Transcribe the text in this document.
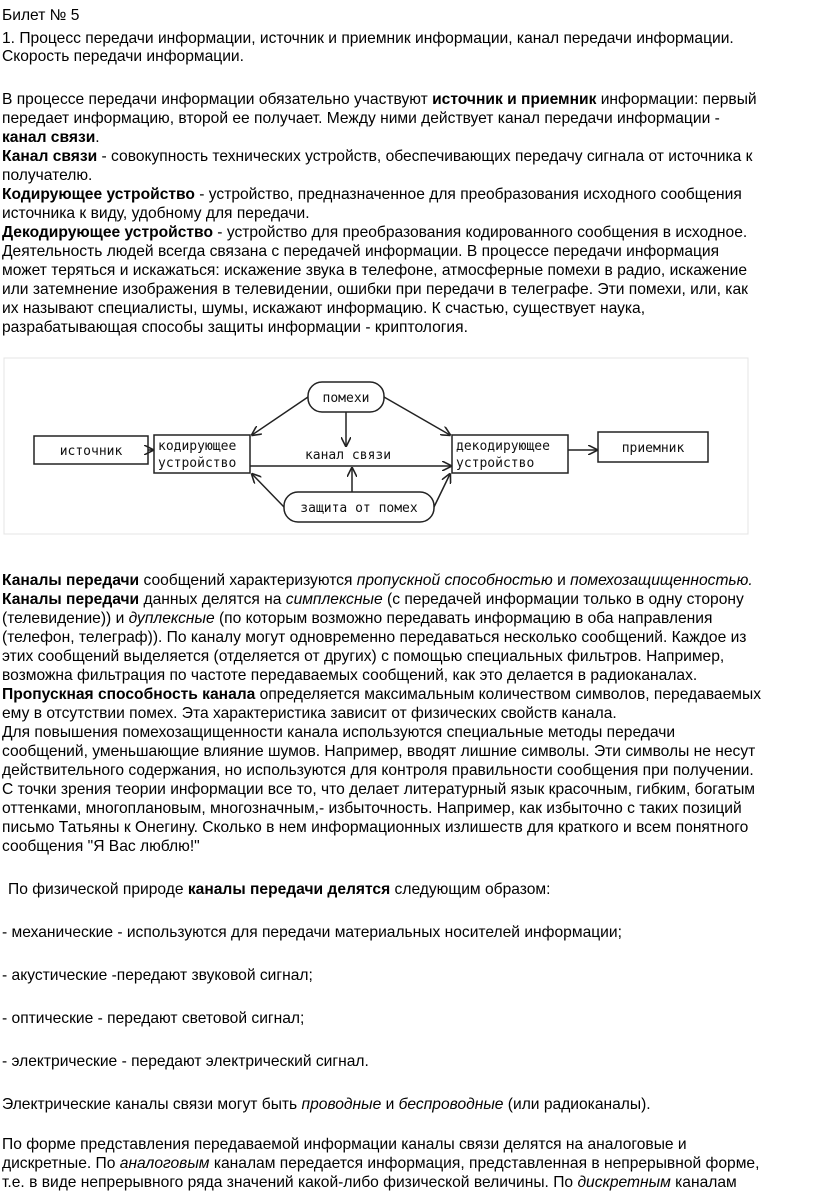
Билет № 5
1. Процесс передачи информации, источник и приемник информации, канал передачи информации.
Скорость передачи информации.
В процессе передачи информации обязательно участвуют источник и приемник информации: первый
передает информацию, второй ее получает. Между ними действует канал передачи информации -
канал связи.
Канал связи - совокупность технических устройств, обеспечивающих передачу сигнала от источника к
получателю.
Кодирующее устройство - устройство, предназначенное для преобразования исходного сообщения
источника к виду, удобному для передачи.
Декодирующее устройство - устройство для преобразования кодированного сообщения в исходное.
Деятельность людей всегда связана с передачей информации. В процессе передачи информация
может теряться и искажаться: искажение звука в телефоне, атмосферные помехи в радио, искажение
или затемнение изображения в телевидении, ошибки при передачи в телеграфе. Эти помехи, или, как
их называют специалисты, шумы, искажают информацию. К счастью, существует наука,
разрабатывающая способы защиты информации - криптология.
помехи
источник	кодирующее
устройство
декодирующее
устройство
приемник
канал связи
защита от помех
Каналы передачи сообщений характеризуются пропускной способностью и помехозащищенностью.
Каналы передачи данных делятся на симплексные (с передачей информации только в одну сторону
(телевидение)) и дуплексные (по которым возможно передавать информацию в оба направления
(телефон, телеграф)). По каналу могут одновременно передаваться несколько сообщений. Каждое из
этих сообщений выделяется (отделяется от других) с помощью специальных фильтров. Например,
возможна фильтрация по частоте передаваемых сообщений, как это делается в радиоканалах.
Пропускная способность канала определяется максимальным количеством символов, передаваемых
ему в отсутствии помех. Эта характеристика зависит от физических свойств канала.
Для повышения помехозащищенности канала используются специальные методы передачи
сообщений, уменьшающие влияние шумов. Например, вводят лишние символы. Эти символы не несут
действительного содержания, но используются для контроля правильности сообщения при получении.
С точки зрения теории информации все то, что делает литературный язык красочным, гибким, богатым
оттенками, многоплановым, многозначным,- избыточность. Например, как избыточно с таких позиций
письмо Татьяны к Онегину. Сколько в нем информационных излишеств для краткого и всем понятного
сообщения "Я Вас люблю!"
По физической природе каналы передачи делятся следующим образом:
- механические - используются для передачи материальных носителей информации;
- акустические -передают звуковой сигнал;
- оптические - передают световой сигнал;
- электрические - передают электрический сигнал.
Электрические каналы связи могут быть проводные и беспроводные (или радиоканалы).
По форме представления передаваемой информации каналы связи делятся на аналоговые и
дискретные. По аналоговым каналам передается информация, представленная в непрерывной форме,
т.е. в виде непрерывного ряда значений какой-либо физической величины. По дискретным каналам
